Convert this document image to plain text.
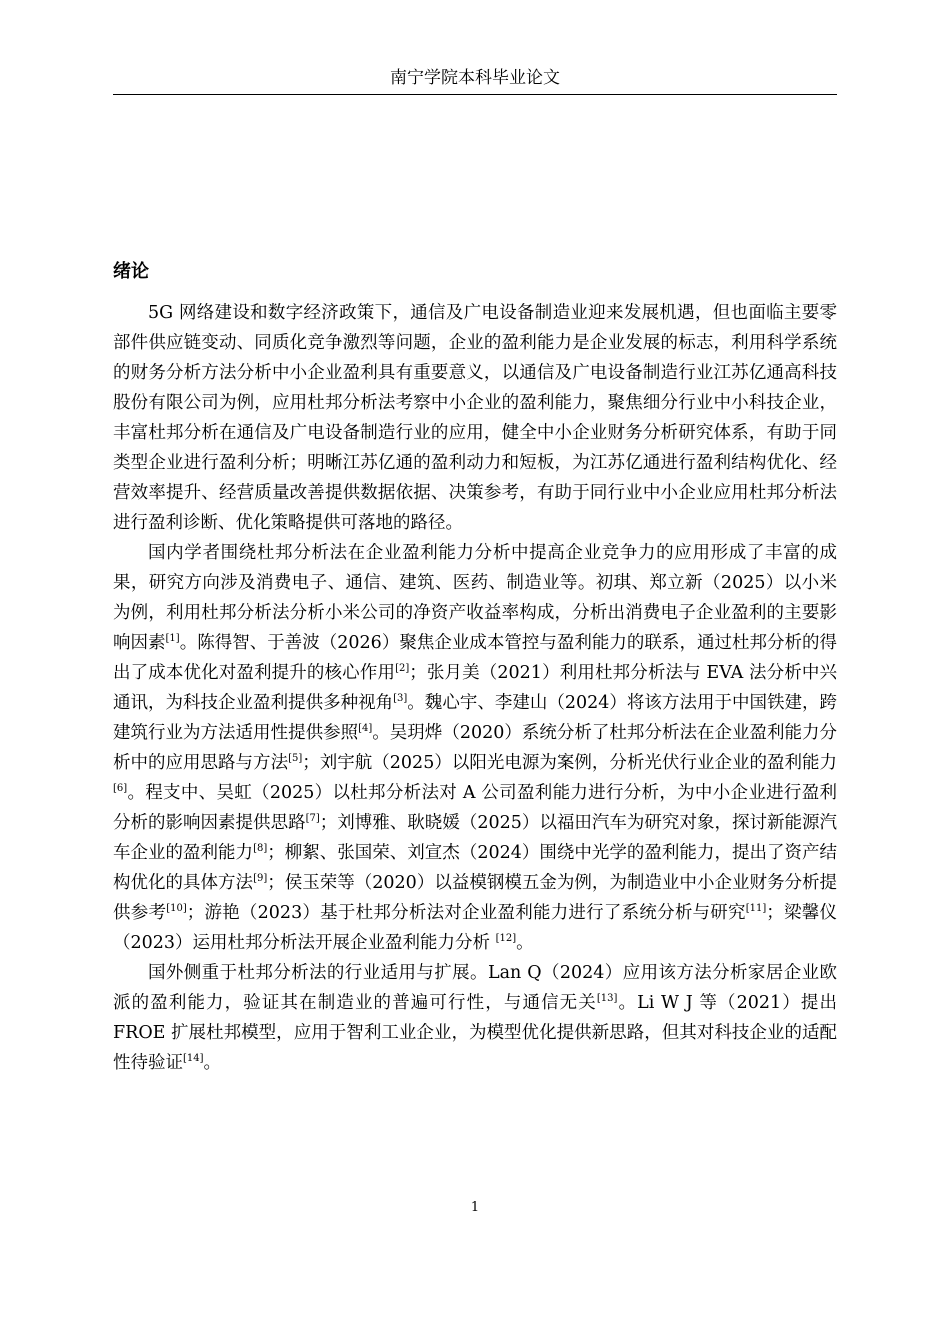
南宁学院本科毕业论文
绪论

5G 网络建设和数字经济政策下，通信及广电设备制造业迎来发展机遇，但也面临主要零部件供应链变动、同质化竞争激烈等问题，企业的盈利能力是企业发展的标志，利用科学系统的财务分析方法分析中小企业盈利具有重要意义，以通信及广电设备制造行业江苏亿通高科技股份有限公司为例，应用杜邦分析法考察中小企业的盈利能力，聚焦细分行业中小科技企业，丰富杜邦分析在通信及广电设备制造行业的应用，健全中小企业财务分析研究体系，有助于同类型企业进行盈利分析；明晰江苏亿通的盈利动力和短板，为江苏亿通进行盈利结构优化、经营效率提升、经营质量改善提供数据依据、决策参考，有助于同行业中小企业应用杜邦分析法进行盈利诊断、优化策略提供可落地的路径。

国内学者围绕杜邦分析法在企业盈利能力分析中提高企业竞争力的应用形成了丰富的成果，研究方向涉及消费电子、通信、建筑、医药、制造业等。初琪、郑立新（2025）以小米为例，利用杜邦分析法分析小米公司的净资产收益率构成，分析出消费电子企业盈利的主要影响因素[1]。陈得智、于善波（2026）聚焦企业成本管控与盈利能力的联系，通过杜邦分析的得出了成本优化对盈利提升的核心作用[2]；张月美（2021）利用杜邦分析法与 EVA 法分析中兴通讯，为科技企业盈利提供多种视角[3]。魏心宇、李建山（2024）将该方法用于中国铁建，跨建筑行业为方法适用性提供参照[4]。吴玥烨（2020）系统分析了杜邦分析法在企业盈利能力分析中的应用思路与方法[5]；刘宇航（2025）以阳光电源为案例，分析光伏行业企业的盈利能力[6]。程支中、吴虹（2025）以杜邦分析法对 A 公司盈利能力进行分析，为中小企业进行盈利分析的影响因素提供思路[7]；刘博雅、耿晓媛（2025）以福田汽车为研究对象，探讨新能源汽车企业的盈利能力[8]；柳絮、张国荣、刘宣杰（2024）围绕中光学的盈利能力，提出了资产结构优化的具体方法[9]；侯玉荣等（2020）以益模钢模五金为例，为制造业中小企业财务分析提供参考[10]；游艳（2023）基于杜邦分析法对企业盈利能力进行了系统分析与研究[11]；梁馨仪（2023）运用杜邦分析法开展企业盈利能力分析 [12]。

国外侧重于杜邦分析法的行业适用与扩展。Lan Q（2024）应用该方法分析家居企业欧派的盈利能力，验证其在制造业的普遍可行性，与通信无关[13]。Li W J 等（2021）提出 FROE 扩展杜邦模型，应用于智利工业企业，为模型优化提供新思路，但其对科技企业的适配性待验证[14]。

1
